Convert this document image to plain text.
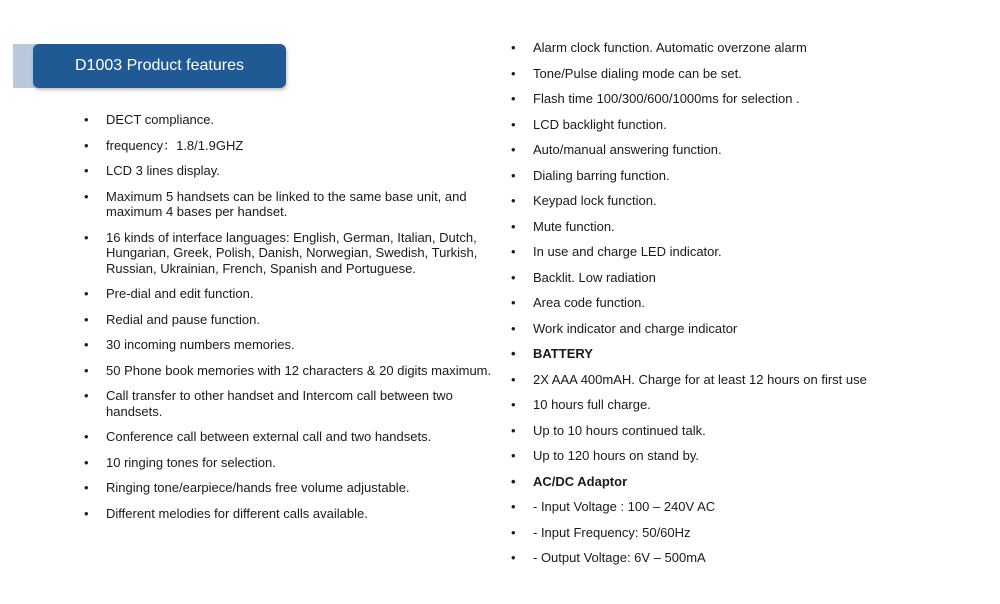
D1003 Product features
• DECT compliance.
• frequency：1.8/1.9GHZ
• LCD 3 lines display.
• Maximum 5 handsets can be linked to the same base unit, and maximum 4 bases per handset.
• 16 kinds of interface languages: English, German, Italian, Dutch, Hungarian, Greek, Polish, Danish, Norwegian, Swedish, Turkish, Russian, Ukrainian, French, Spanish and Portuguese.
• Pre-dial and edit function.
• Redial and pause function.
• 30 incoming numbers memories.
• 50 Phone book memories with 12 characters & 20 digits maximum.
• Call transfer to other handset and Intercom call between two handsets.
• Conference call between external call and two handsets.
• 10 ringing tones for selection.
• Ringing tone/earpiece/hands free volume adjustable.
• Different melodies for different calls available.
• Alarm clock function. Automatic overzone alarm
• Tone/Pulse dialing mode can be set.
• Flash time 100/300/600/1000ms for selection .
• LCD backlight function.
• Auto/manual answering function.
• Dialing barring function.
• Keypad lock function.
• Mute function.
• In use and charge LED indicator.
• Backlit. Low radiation
• Area code function.
• Work indicator and charge indicator
• BATTERY
• 2X AAA 400mAH. Charge for at least 12 hours on first use
• 10 hours full charge.
• Up to 10 hours continued talk.
• Up to 120 hours on stand by.
• AC/DC Adaptor
• - Input Voltage : 100 – 240V AC
• - Input Frequency: 50/60Hz
• - Output Voltage: 6V – 500mA
